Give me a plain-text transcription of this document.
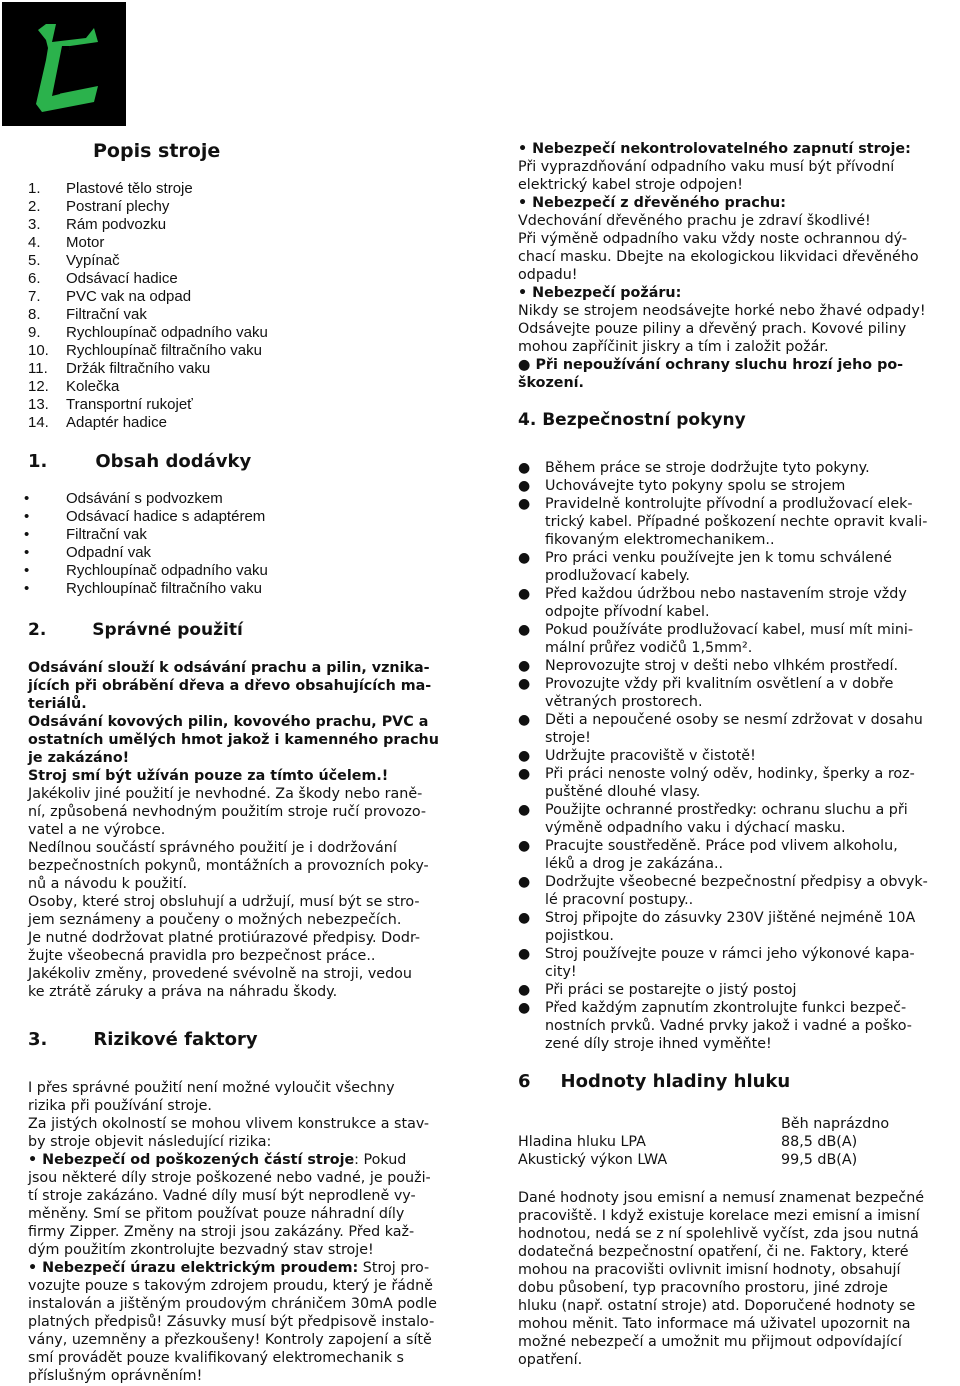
Popis stroje
1.	Plastové tělo stroje
2.	Postraní plechy
3.	Rám podvozku
4.	Motor
5.	Vypínač
6.	Odsávací hadice
7.	PVC vak na odpad
8.	Filtrační vak
9.	Rychloupínač odpadního vaku
10.	Rychloupínač filtračního vaku
11.	Držák filtračního vaku
12.	Kolečka
13.	Transportní rukojeť
14.	Adaptér hadice
1.	Obsah dodávky
•	Odsávání s podvozkem
•	Odsávací hadice s adaptérem
•	Filtrační vak
•	Odpadní vak
•	Rychloupínač odpadního vaku
•	Rychloupínač filtračního vaku
2.	Správné použití
Odsávání slouží k odsávání prachu a pilin, vznika-
jících při obrábění dřeva a dřevo obsahujících ma-
teriálů.
Odsávání kovových pilin, kovového prachu, PVC a
ostatních umělých hmot jakož i kamenného prachu
je zakázáno!
Stroj smí být užíván pouze za tímto účelem.!
Jakékoliv jiné použití je nevhodné. Za škody nebo raně-
ní, způsobená nevhodným použitím stroje ručí provozo-
vatel a ne výrobce.
Nedílnou součástí správného použití je i dodržování
bezpečnostních pokynů, montážních a provozních poky-
nů a návodu k použití.
Osoby, které stroj obsluhují a udržují, musí být se stro-
jem seznámeny a poučeny o možných nebezpečích.
Je nutné dodržovat platné protiúrazové předpisy. Dodr-
žujte všeobecná pravidla pro bezpečnost práce..
Jakékoliv změny, provedené svévolně na stroji, vedou
ke ztrátě záruky a práva na náhradu škody.
3.	Rizikové faktory
I přes správné použití není možné vyloučit všechny
rizika při používání stroje.
Za jistých okolností se mohou vlivem konstrukce a stav-
by stroje objevit následující rizika:
• Nebezpečí od poškozených částí stroje: Pokud
jsou některé díly stroje poškozené nebo vadné, je použi-
tí stroje zakázáno. Vadné díly musí být neprodleně vy-
měněny. Smí se přitom používat pouze náhradní díly
firmy Zipper. Změny na stroji jsou zakázány. Před kaž-
dým použitím zkontrolujte bezvadný stav stroje!
• Nebezpečí úrazu elektrickým proudem: Stroj pro-
vozujte pouze s takovým zdrojem proudu, který je řádně
instalován a jištěným proudovým chráničem 30mA podle
platných předpisů! Zásuvky musí být předpisově instalo-
vány, uzemněny a přezkoušeny! Kontroly zapojení a sítě
smí provádět pouze kvalifikovaný elektromechanik s
příslušným oprávněním!
• Nebezpečí nekontrolovatelného zapnutí stroje:
Při vyprazdňování odpadního vaku musí být přívodní
elektrický kabel stroje odpojen!
• Nebezpečí z dřevěného prachu:
Vdechování dřevěného prachu je zdraví škodlivé!
Při výměně odpadního vaku vždy noste ochrannou dý-
chací masku. Dbejte na ekologickou likvidaci dřevěného
odpadu!
• Nebezpečí požáru:
Nikdy se strojem neodsávejte horké nebo žhavé odpady!
Odsávejte pouze piliny a dřevěný prach. Kovové piliny
mohou zapříčinit jiskry a tím i založit požár.
● Při nepoužívání ochrany sluchu hrozí jeho po-
škození.
4. Bezpečnostní pokyny
●	Během práce se stroje dodržujte tyto pokyny.
●	Uchovávejte tyto pokyny spolu se strojem
●	Pravidelně kontrolujte přívodní a prodlužovací elek-
trický kabel. Případné poškození nechte opravit kvali-
fikovaným elektromechanikem..
●	Pro práci venku používejte jen k tomu schválené
prodlužovací kabely.
●	Před každou údržbou nebo nastavením stroje vždy
odpojte přívodní kabel.
●	Pokud používáte prodlužovací kabel, musí mít mini-
mální průřez vodičů 1,5mm².
●	Neprovozujte stroj v dešti nebo vlhkém prostředí.
●	Provozujte vždy při kvalitním osvětlení a v dobře
větraných prostorech.
●	Děti a nepoučené osoby se nesmí zdržovat v dosahu
stroje!
●	Udržujte pracoviště v čistotě!
●	Při práci nenoste volný oděv, hodinky, šperky a roz-
puštěné dlouhé vlasy.
●	Použijte ochranné prostředky: ochranu sluchu a při
výměně odpadního vaku i dýchací masku.
●	Pracujte soustředěně. Práce pod vlivem alkoholu,
léků a drog je zakázána..
●	Dodržujte všeobecné bezpečnostní předpisy a obvyk-
lé pracovní postupy..
●	Stroj připojte do zásuvky 230V jištěné nejméně 10A
pojistkou.
●	Stroj používejte pouze v rámci jeho výkonové kapa-
city!
●	Při práci se postarejte o jistý postoj
●	Před každým zapnutím zkontrolujte funkci bezpeč-
nostních prvků. Vadné prvky jakož i vadné a poško-
zené díly stroje ihned vyměňte!
6 Hodnoty hladiny hluku
	Běh naprázdno
Hladina hluku LPA	88,5 dB(A)
Akustický výkon LWA	99,5 dB(A)
Dané hodnoty jsou emisní a nemusí znamenat bezpečné
pracoviště. I když existuje korelace mezi emisní a imisní
hodnotou, nedá se z ní spolehlivě vyčíst, zda jsou nutná
dodatečná bezpečnostní opatření, či ne. Faktory, které
mohou na pracovišti ovlivnit imisní hodnoty, obsahují
dobu působení, typ pracovního prostoru, jiné zdroje
hluku (např. ostatní stroje) atd. Doporučené hodnoty se
mohou měnit. Tato informace má uživatel upozornit na
možné nebezpečí a umožnit mu přijmout odpovídající
opatření.
